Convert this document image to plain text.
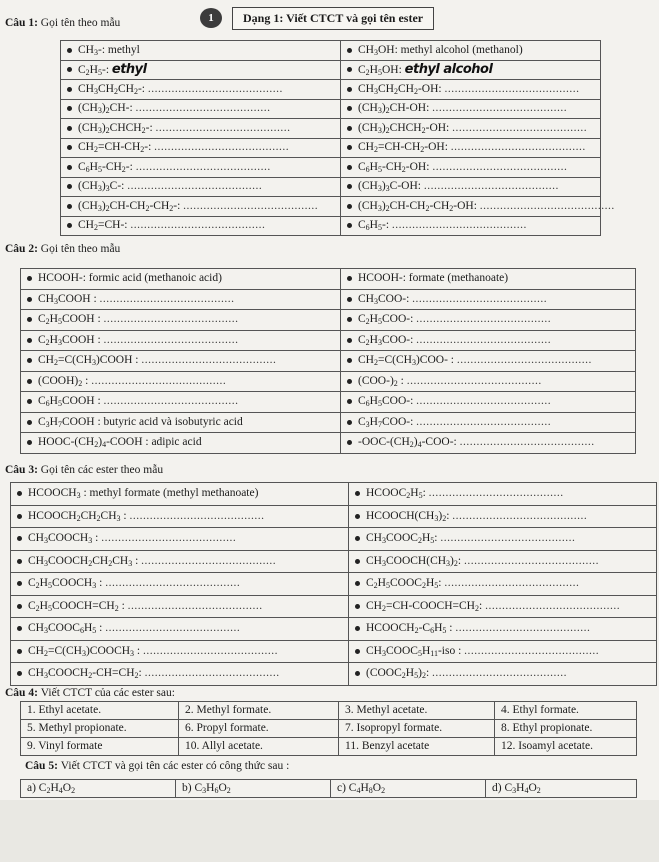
1	Dạng 1: Viết CTCT và gọi tên ester
Câu 1: Gọi tên theo mẫu
$CH_3-$: methyl	$CH_3OH$: methyl alcohol (methanol)
$C_2H_5-$: ethyl	$C_2H_5OH$: ethyl alcohol
$CH_3CH_2CH_2-$: ........................................	$CH_3CH_2CH_2-OH$: ........................................
$(CH_3)_2CH-$: ........................................	$(CH_3)_2CH-OH$: ........................................
$(CH_3)_2CHCH_2-$: ........................................	$(CH_3)_2CHCH_2-OH$: ........................................
$CH_2=CH-CH_2-$: ........................................	$CH_2=CH-CH_2-OH$: ........................................
$C_6H_5-CH_2-$: ........................................	$C_6H_5-CH_2-OH$: ........................................
$(CH_3)_3C-$: ........................................	$(CH_3)_3C-OH$: ........................................
$(CH_3)_2CH-CH_2-CH_2-$: ........................................	$(CH_3)_2CH-CH_2-CH_2-OH$: ........................................
$CH_2=CH-$: ........................................	$C_6H_5-$: ........................................
Câu 2: Gọi tên theo mẫu
HCOOH-: formic acid (methanoic acid)	HCOOH-: formate (methanoate)
$CH_3COOH$ : ........................................	$CH_3COO-$: ........................................
$C_2H_5COOH$ : ........................................	$C_2H_5COO-$: ........................................
$C_2H_3COOH$ : ........................................	$C_2H_3COO-$: ........................................
$CH_2=C(CH_3)COOH$ : ........................................	$CH_2=C(CH_3)COO-$ : ........................................
$(COOH)_2$ : ........................................	$(COO-)_2$ : ........................................
$C_6H_5COOH$ : ........................................	$C_6H_5COO-$: ........................................
$C_3H_7COOH$ : butyric acid và isobutyric acid	$C_3H_7COO-$: ........................................
HOOC-$(CH_2)_4$-COOH : adipic acid	$-OOC-(CH_2)_4-COO-$: ........................................
Câu 3: Gọi tên các ester theo mẫu
$HCOOCH_3$ : methyl formate (methyl methanoate)	$HCOOC_2H_5$: ........................................
$HCOOCH_2CH_2CH_3$ : ........................................	$HCOOCH(CH_3)_2$: ........................................
$CH_3COOCH_3$ : ........................................	$CH_3COOC_2H_5$: ........................................
$CH_3COOCH_2CH_2CH_3$ : ........................................	$CH_3COOCH(CH_3)_2$: ........................................
$C_2H_5COOCH_3$ : ........................................	$C_2H_5COOC_2H_5$: ........................................
$C_2H_5COOCH=CH_2$ : ........................................	$CH_2=CH-COOCH=CH_2$: ........................................
$CH_3COOC_6H_5$ : ........................................	$HCOOCH_2-C_6H_5$ : ........................................
$CH_2=C(CH_3)COOCH_3$ : ........................................	$CH_3COOC_5H_{11}$-iso : ........................................
$CH_3COOCH_2-CH=CH_2$: ........................................	$(COOC_2H_5)_2$: ........................................
Câu 4: Viết CTCT của các ester sau:
1. Ethyl acetate.	2. Methyl formate.	3. Methyl acetate.	4. Ethyl formate.
5. Methyl propionate.	6. Propyl formate.	7. Isopropyl formate.	8. Ethyl propionate.
9. Vinyl formate	10. Allyl acetate.	11. Benzyl acetate	12. Isoamyl acetate.
Câu 5: Viết CTCT và gọi tên các ester có công thức sau :
a) $C_2H_4O_2$	b) $C_3H_6O_2$	c) $C_4H_8O_2$	d) $C_3H_4O_2$
